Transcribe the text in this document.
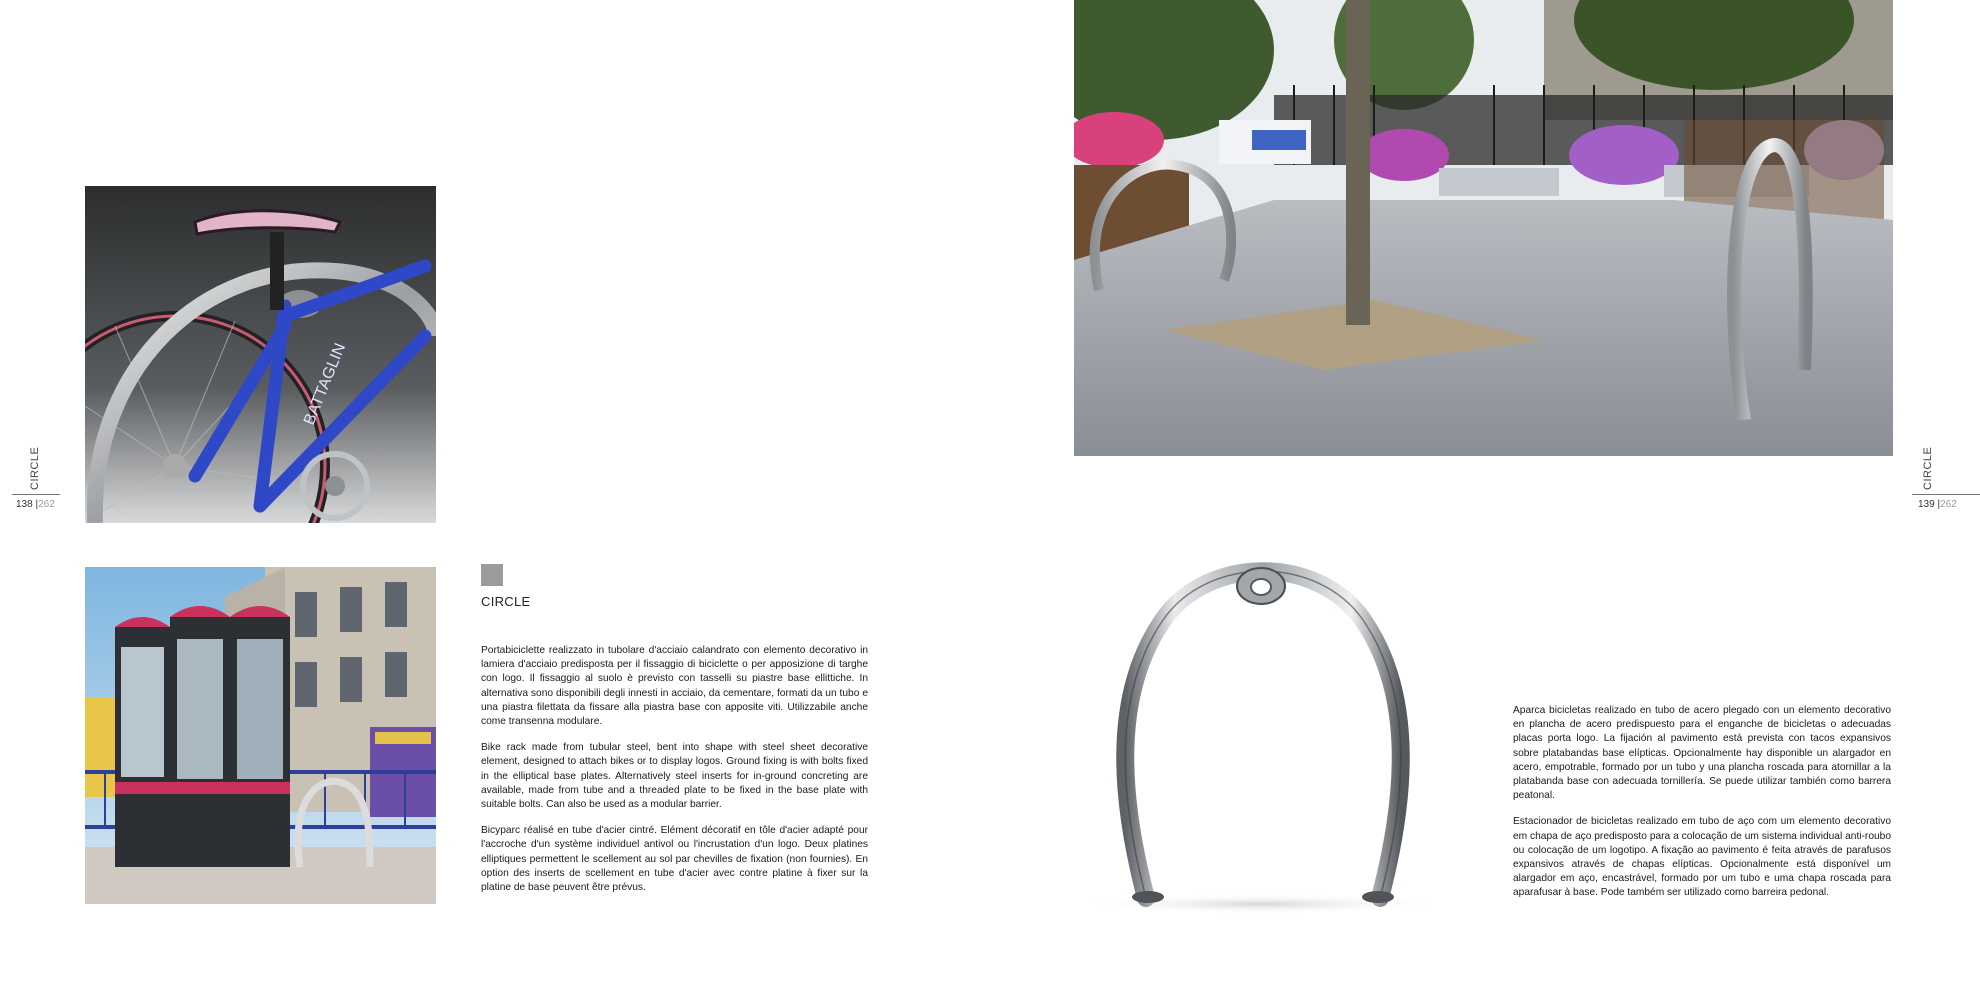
CIRCLE
138 |262
BATTAGLIN
CIRCLE

Portabiciclette realizzato in tubolare d'acciaio calandrato con elemento decorativo in lamiera d'acciaio predisposta per il fissaggio di biciclette o per apposizione di targhe con logo. Il fissaggio al suolo è previsto con tasselli su piastre base ellittiche. In alternativa sono disponibili degli innesti in acciaio, da cementare, formati da un tubo e una piastra filettata da fissare alla piastra base con apposite viti. Utilizzabile anche come transenna modulare.

Bike rack made from tubular steel, bent into shape with steel sheet decorative element, designed to attach bikes or to display logos. Ground fixing is with bolts fixed in the elliptical base plates. Alternatively steel inserts for in-ground concreting are available, made from tube and a threaded plate to be fixed in the base plate with suitable bolts. Can also be used as a modular barrier.

Bicyparc réalisé en tube d'acier cintré. Elément décoratif en tôle d'acier adapté pour l'accroche d'un système individuel antivol ou l'incrustation d'un logo. Deux platines elliptiques permettent le scellement au sol par chevilles de fixation (non fournies). En option des inserts de scellement en tube d'acier avec contre platine à fixer sur la platine de base peuvent être prévus.

Aparca bicicletas realizado en tubo de acero plegado con un elemento decorativo en plancha de acero predispuesto para el enganche de bicicletas o adecuadas placas porta logo. La fijación al pavimento está prevista con tacos expansivos sobre platabandas base elípticas. Opcionalmente hay disponible un alargador en acero, empotrable, formado por un tubo y una plancha roscada para atornillar a la platabanda base con adecuada tornillería. Se puede utilizar también como barrera peatonal.

Estacionador de bicicletas realizado em tubo de aço com um elemento decorativo em chapa de aço predisposto para a colocação de um sistema individual anti-roubo ou colocação de um logotipo. A fixação ao pavimento é feita através de parafusos expansivos através de chapas elípticas. Opcionalmente está disponível um alargador em aço, encastrável, formado por um tubo e uma chapa roscada para aparafusar à base. Pode também ser utilizado como barreira pedonal.

CIRCLE
139 |262
